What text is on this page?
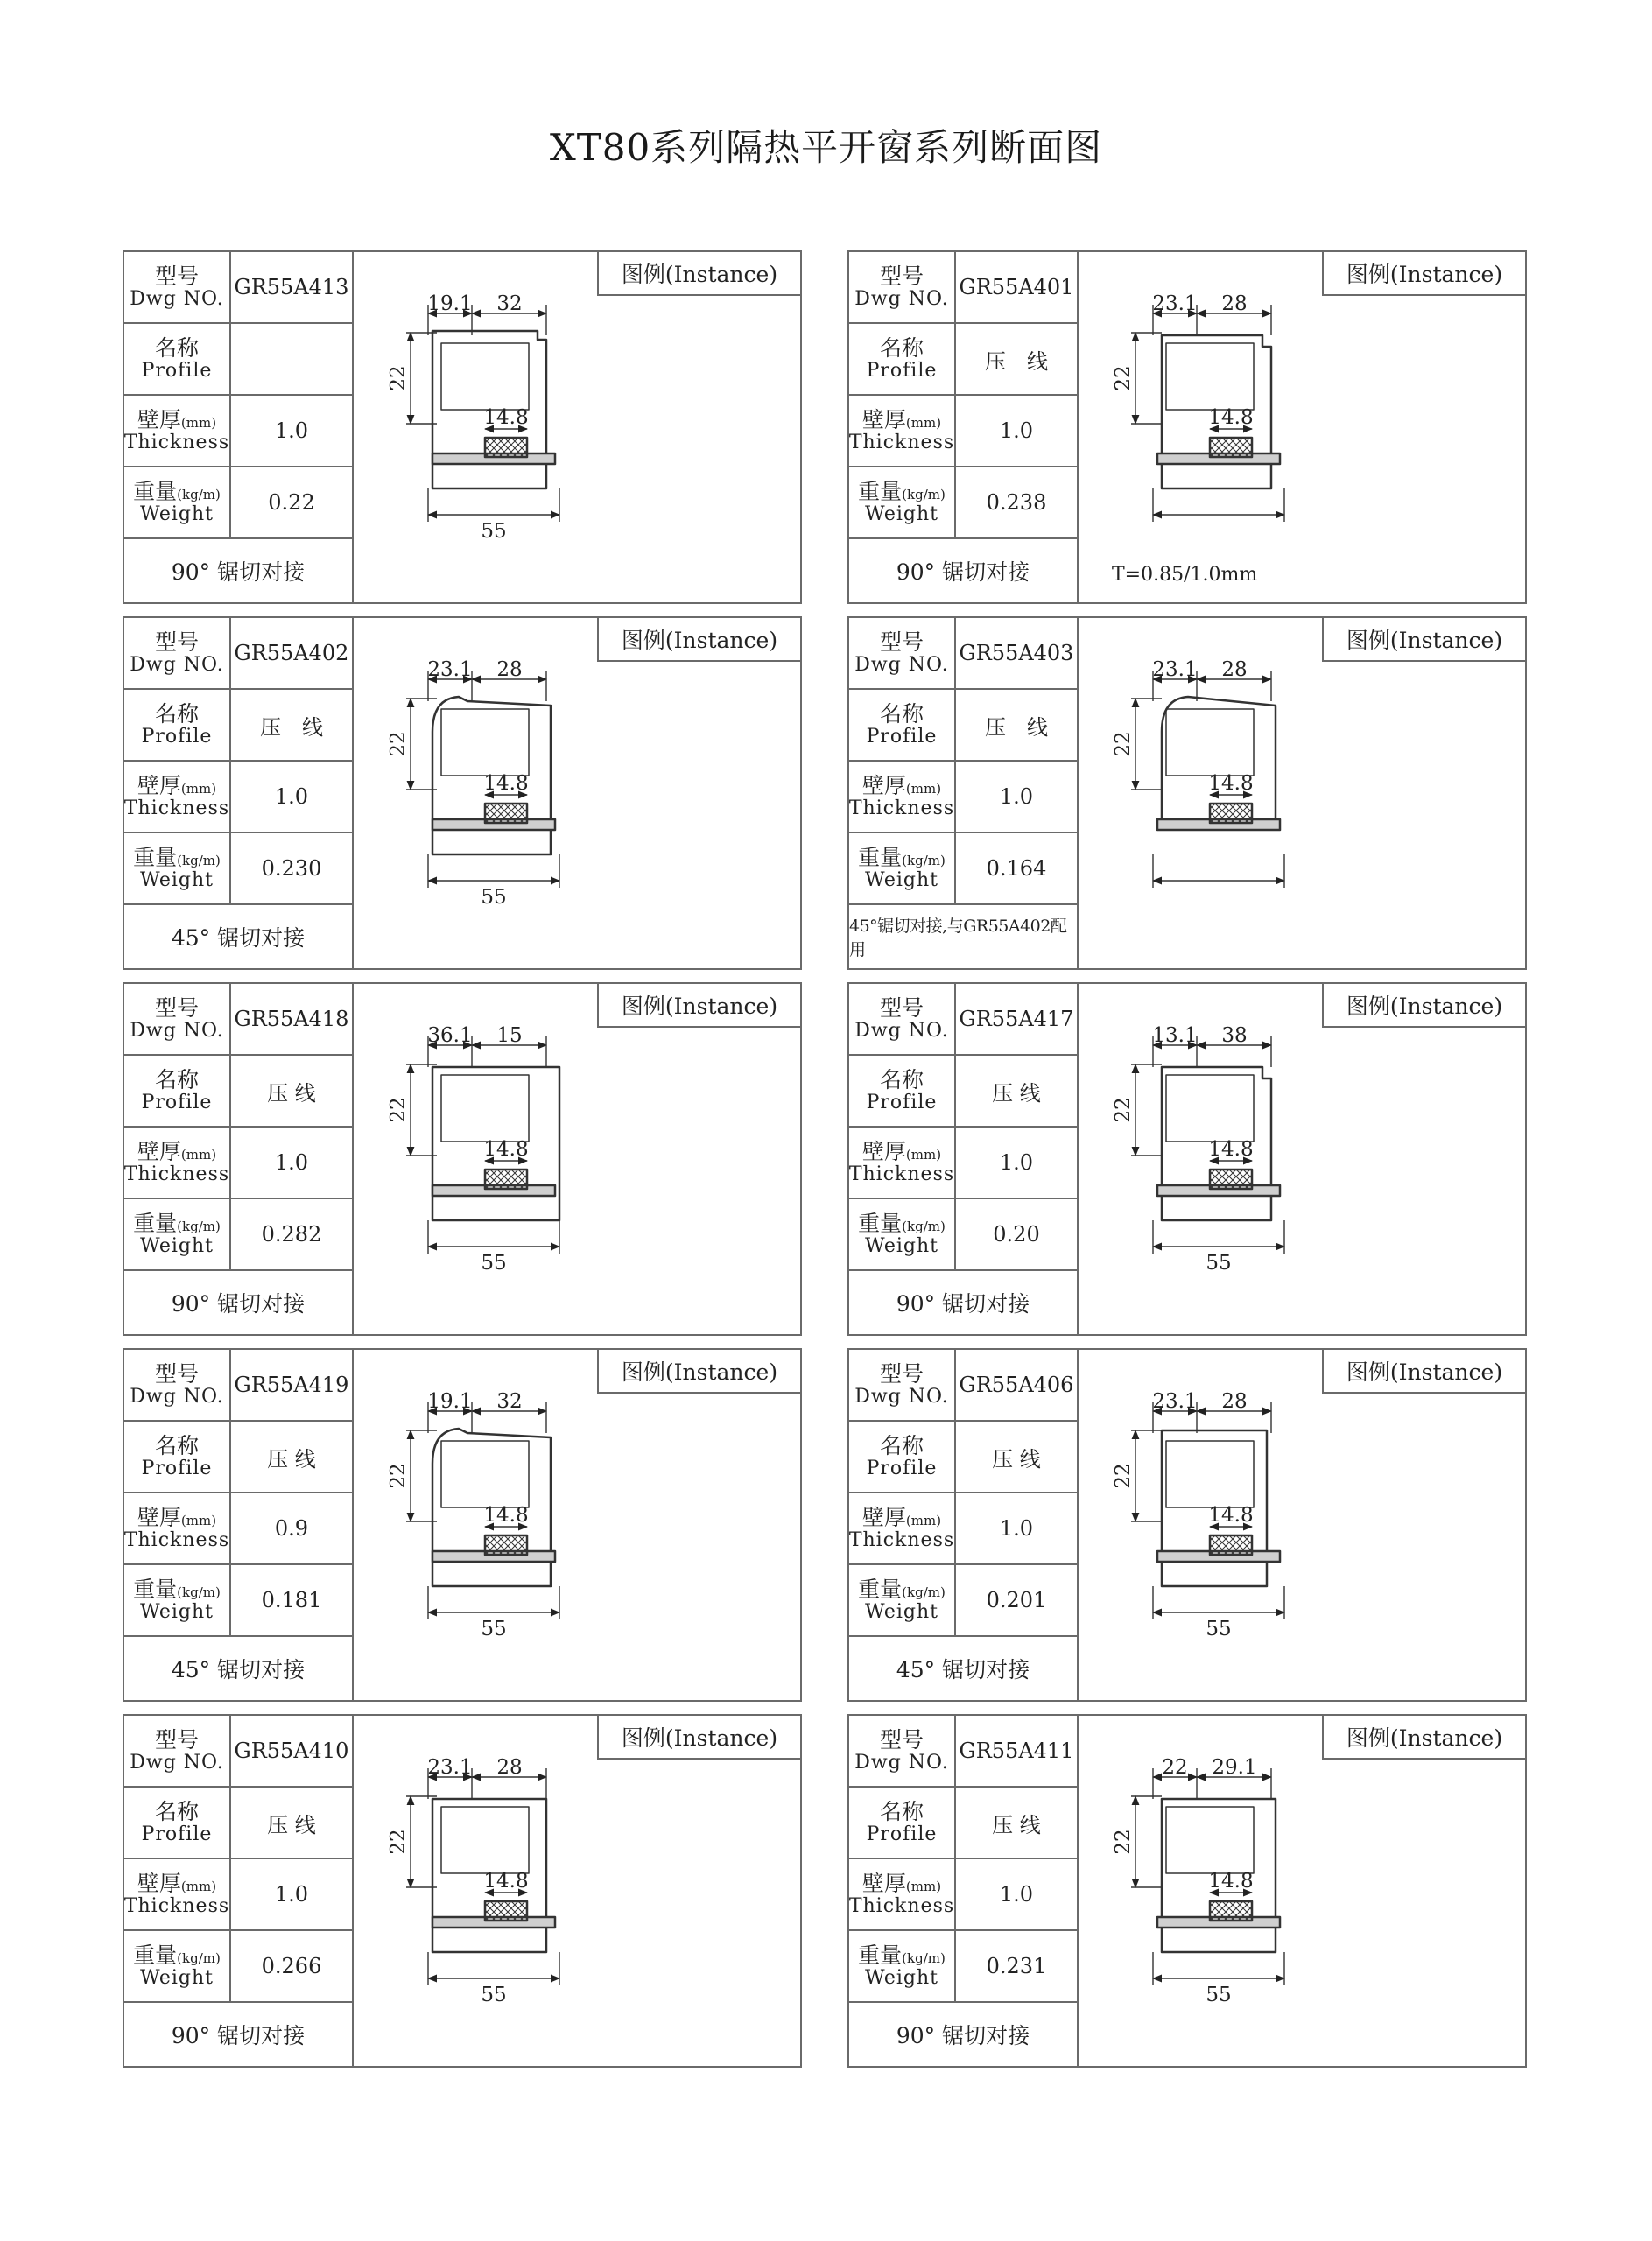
XT80系列隔热平开窗系列断面图
型号
Dwg NO. GR55A413
名称
Profile
壁厚(mm)
Thickness	1.0
重量(kg/m)
Weight	0.22
90° 锯切对接
图例(Instance)
19.1 32
22
14.8
55
型号
Dwg NO. GR55A401
名称
Profile	压　线
壁厚(mm)
Thickness	1.0
重量(kg/m)
Weight	0.238
90° 锯切对接
图例(Instance)
T=0.85/1.0mm
23.1 28
22
14.8
型号
Dwg NO. GR55A402
名称
Profile	压　线
壁厚(mm)
Thickness	1.0
重量(kg/m)
Weight	0.230
45° 锯切对接
图例(Instance)
23.1 28
22
14.8
55
型号
Dwg NO. GR55A403
名称
Profile	压　线
壁厚(mm)
Thickness	1.0
重量(kg/m)
Weight	0.164
45°锯切对接,与GR55A402配用
图例(Instance)
23.1 28
22
14.8
型号
Dwg NO. GR55A418
名称
Profile	压 线
壁厚(mm)
Thickness	1.0
重量(kg/m)
Weight	0.282
90° 锯切对接
图例(Instance)
36.1 15
22
14.8
55
型号
Dwg NO. GR55A417
名称
Profile	压 线
壁厚(mm)
Thickness	1.0
重量(kg/m)
Weight	0.20
90° 锯切对接
图例(Instance)
13.1 38
22
14.8
55
型号
Dwg NO. GR55A419
名称
Profile	压 线
壁厚(mm)
Thickness	0.9
重量(kg/m)
Weight	0.181
45° 锯切对接
图例(Instance)
19.1 32
22
14.8
55
型号
Dwg NO. GR55A406
名称
Profile	压 线
壁厚(mm)
Thickness	1.0
重量(kg/m)
Weight	0.201
45° 锯切对接
图例(Instance)
23.1 28
22
14.8
55
型号
Dwg NO. GR55A410
名称
Profile	压 线
壁厚(mm)
Thickness	1.0
重量(kg/m)
Weight	0.266
90° 锯切对接
图例(Instance)
23.1 28
22
14.8
55
型号
Dwg NO. GR55A411
名称
Profile	压 线
壁厚(mm)
Thickness	1.0
重量(kg/m)
Weight	0.231
90° 锯切对接
图例(Instance)
22 29.1
22
14.8
55
